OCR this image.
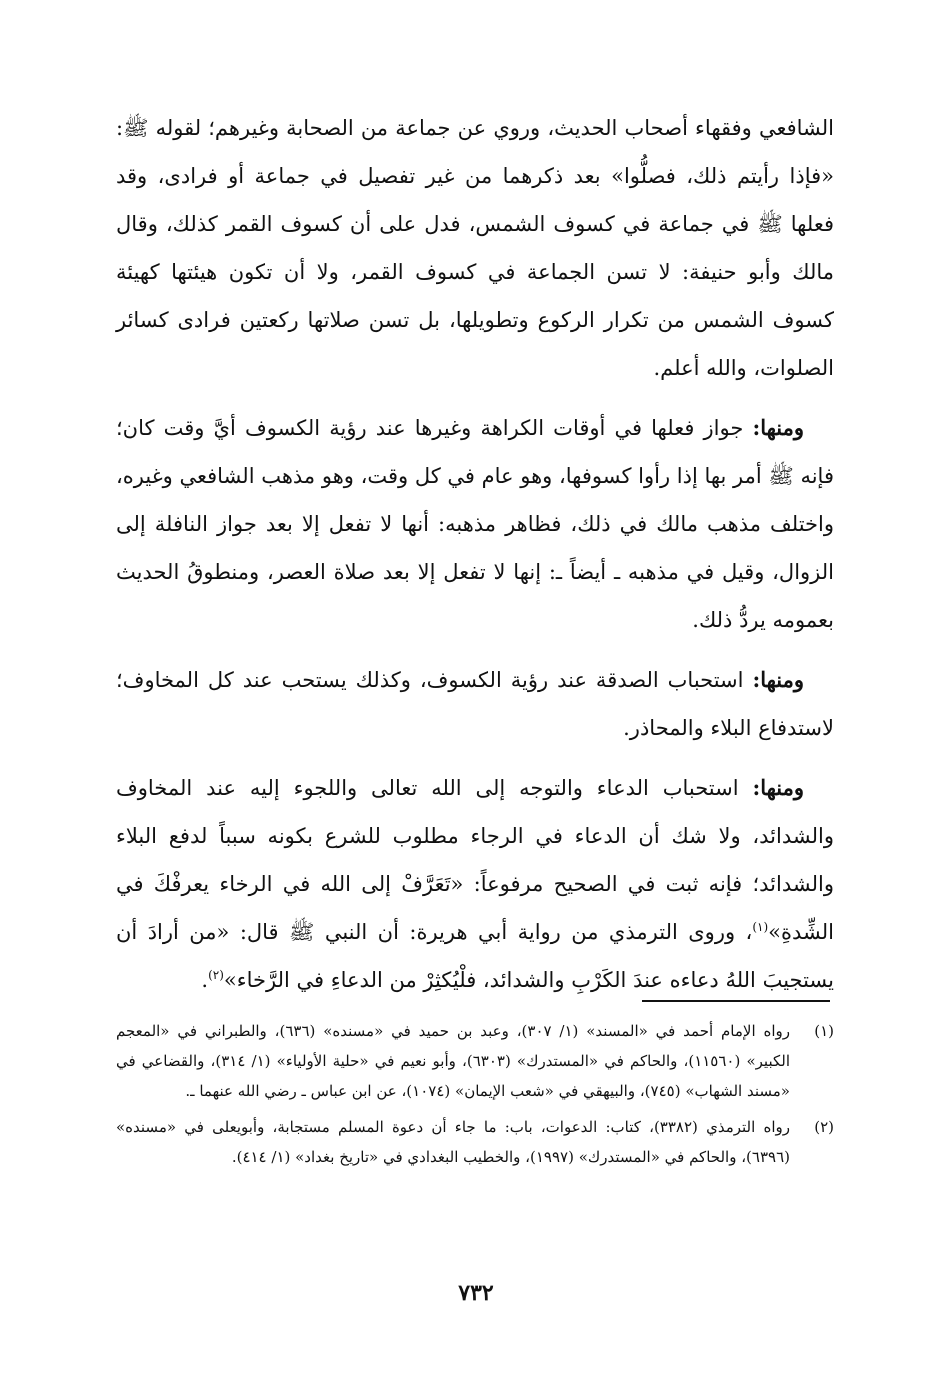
الشافعي وفقهاء أصحاب الحديث، وروي عن جماعة من الصحابة وغيرهم؛ لقوله ﷺ: «فإذا رأيتم ذلك، فصلُّوا» بعد ذكرهما من غير تفصيل في جماعة أو فرادى، وقد فعلها ﷺ في جماعة في كسوف الشمس، فدل على أن كسوف القمر كذلك، وقال مالك وأبو حنيفة: لا تسن الجماعة في كسوف القمر، ولا أن تكون هيئتها كهيئة كسوف الشمس من تكرار الركوع وتطويلها، بل تسن صلاتها ركعتين فرادى كسائر الصلوات، والله أعلم.

ومنها: جواز فعلها في أوقات الكراهة وغيرها عند رؤية الكسوف أيَّ وقت كان؛ فإنه ﷺ أمر بها إذا رأوا كسوفها، وهو عام في كل وقت، وهو مذهب الشافعي وغيره، واختلف مذهب مالك في ذلك، فظاهر مذهبه: أنها لا تفعل إلا بعد جواز النافلة إلى الزوال، وقيل في مذهبه ـ أيضاً ـ: إنها لا تفعل إلا بعد صلاة العصر، ومنطوقُ الحديث بعمومه يردُّ ذلك.

ومنها: استحباب الصدقة عند رؤية الكسوف، وكذلك يستحب عند كل المخاوف؛ لاستدفاع البلاء والمحاذر.

ومنها: استحباب الدعاء والتوجه إلى الله تعالى واللجوء إليه عند المخاوف والشدائد، ولا شك أن الدعاء في الرجاء مطلوب للشرع بكونه سبباً لدفع البلاء والشدائد؛ فإنه ثبت في الصحيح مرفوعاً: «تَعَرَّفْ إلى الله في الرخاء يعرفْكَ في الشِّدةِ»$^{(١)}$، وروى الترمذي من رواية أبي هريرة: أن النبي ﷺ قال: «من أرادَ أن يستجيبَ اللهُ دعاءه عندَ الكَرْبِ والشدائد، فلْيُكثِرْ من الدعاءِ في الرَّخاء»$^{(٢)}$.

(١)
رواه الإمام أحمد في «المسند» (١/ ٣٠٧)، وعبد بن حميد في «مسنده» (٦٣٦)، والطبراني في «المعجم الكبير» (١١٥٦٠)، والحاكم في «المستدرك» (٦٣٠٣)، وأبو نعيم في «حلية الأولياء» (١/ ٣١٤)، والقضاعي في «مسند الشهاب» (٧٤٥)، والبيهقي في «شعب الإيمان» (١٠٧٤)، عن ابن عباس ـ رضي الله عنهما ـ.
(٢)
رواه الترمذي (٣٣٨٢)، كتاب: الدعوات، باب: ما جاء أن دعوة المسلم مستجابة، وأبويعلى في «مسنده» (٦٣٩٦)، والحاكم في «المستدرك» (١٩٩٧)، والخطيب البغدادي في «تاريخ بغداد» (١/ ٤١٤).
٧٣٢
